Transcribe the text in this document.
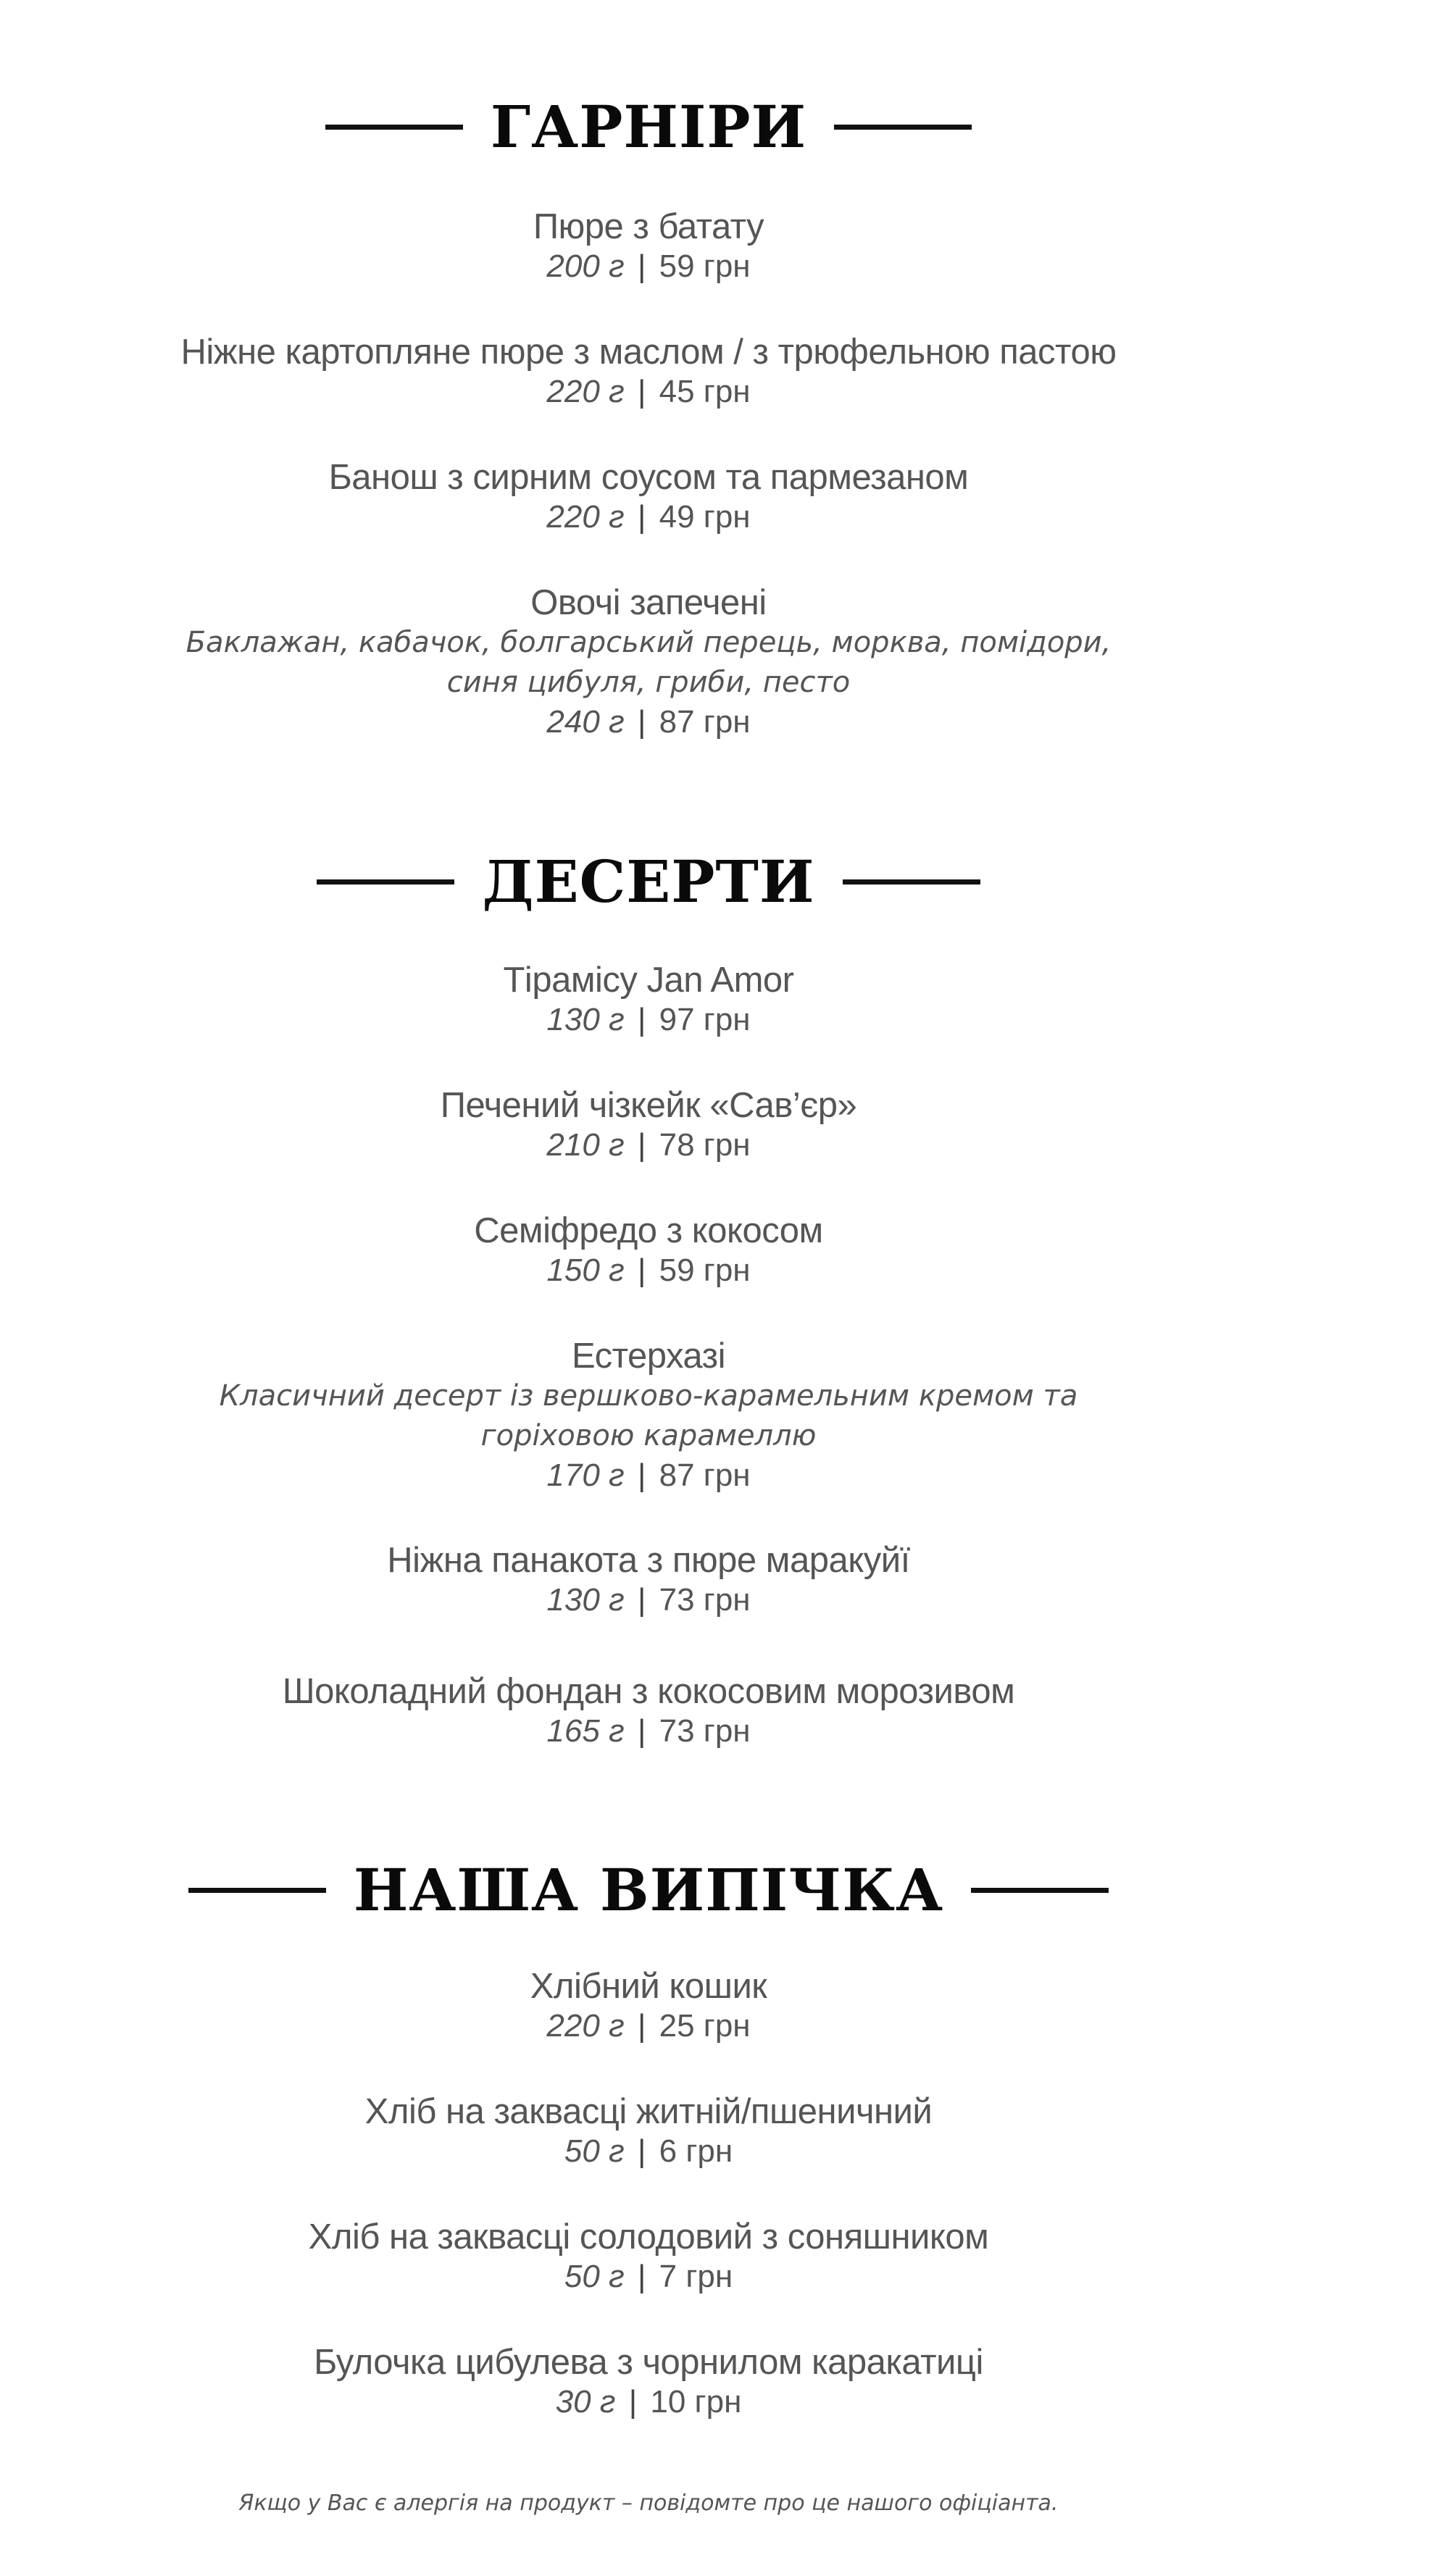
ГАРНІРИ
Пюре з батату
200 г | 59 грн
Ніжне картопляне пюре з маслом / з трюфельною пастою
220 г | 45 грн
Банош з сирним соусом та пармезаном
220 г | 49 грн
Овочі запечені
Баклажан, кабачок, болгарський перець, морква, помідори,
синя цибуля, гриби, песто
240 г | 87 грн
ДЕСЕРТИ
Тірамісу Jan Amor
130 г | 97 грн
Печений чізкейк «Сав’єр»
210 г | 78 грн
Семіфредо з кокосом
150 г | 59 грн
Естерхазі
Класичний десерт із вершково-карамельним кремом та
горіховою карамеллю
170 г | 87 грн
Ніжна панакота з пюре маракуйї
130 г | 73 грн
Шоколадний фондан з кокосовим морозивом
165 г | 73 грн
НАША ВИПІЧКА
Хлібний кошик
220 г | 25 грн
Хліб на заквасці житній/пшеничний
50 г | 6 грн
Хліб на заквасці солодовий з соняшником
50 г | 7 грн
Булочка цибулева з чорнилом каракатиці
30 г | 10 грн
Якщо у Вас є алергія на продукт – повідомте про це нашого офіціанта.
